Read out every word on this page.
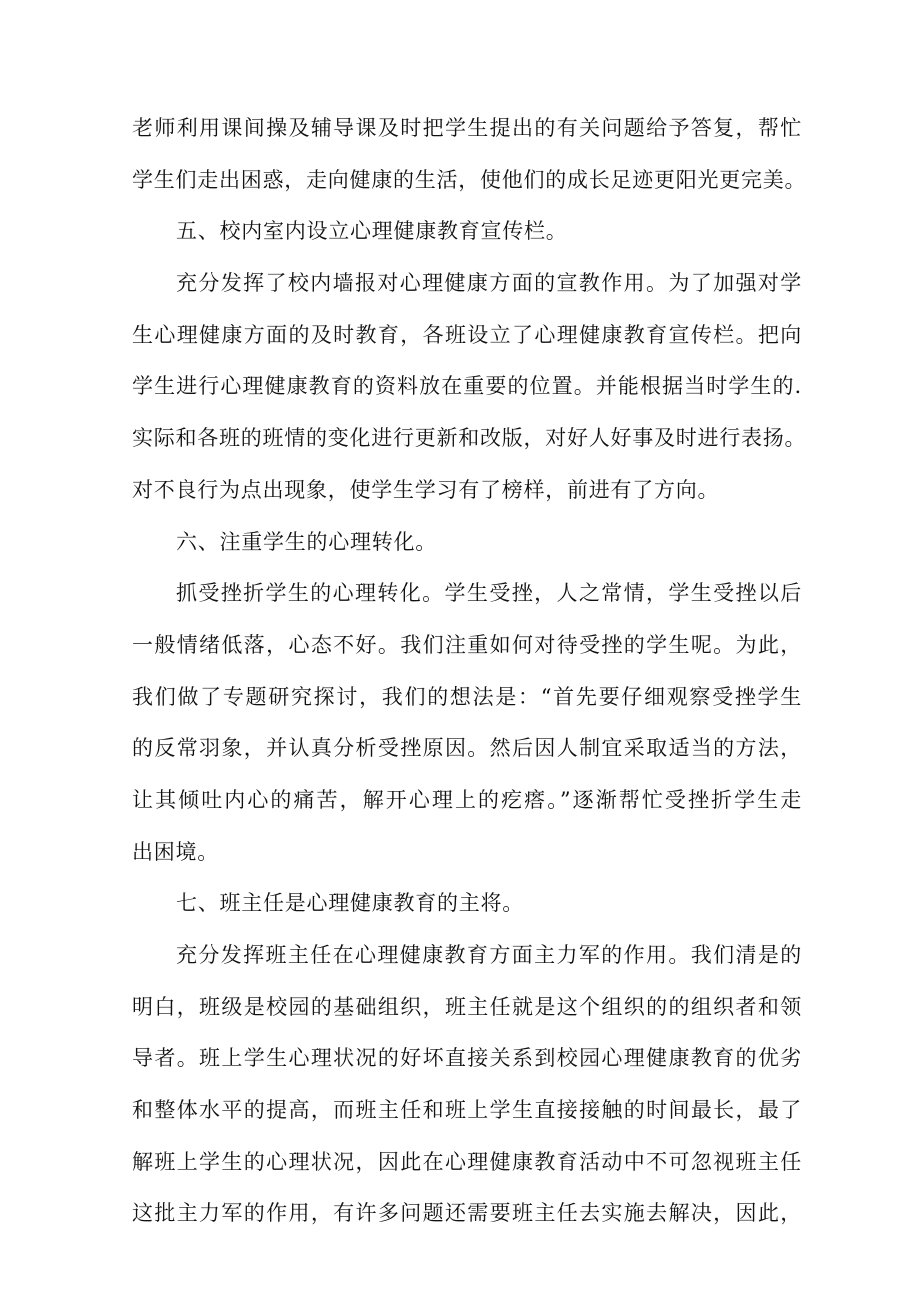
老师利用课间操及辅导课及时把学生提出的有关问题给予答复，帮忙
学生们走出困惑，走向健康的生活，使他们的成长足迹更阳光更完美。
五、校内室内设立心理健康教育宣传栏。
充分发挥了校内墙报对心理健康方面的宣教作用。为了加强对学
生心理健康方面的及时教育，各班设立了心理健康教育宣传栏。把向
学生进行心理健康教育的资料放在重要的位置。并能根据当时学生的.
实际和各班的班情的变化进行更新和改版，对好人好事及时进行表扬。
对不良行为点出现象，使学生学习有了榜样，前进有了方向。
六、注重学生的心理转化。
抓受挫折学生的心理转化。学生受挫，人之常情，学生受挫以后
一般情绪低落，心态不好。我们注重如何对待受挫的学生呢。为此，
我们做了专题研究探讨，我们的想法是：“首先要仔细观察受挫学生
的反常羽象，并认真分析受挫原因。然后因人制宜采取适当的方法，
让其倾吐内心的痛苦，解开心理上的疙瘩。”逐渐帮忙受挫折学生走
出困境。
七、班主任是心理健康教育的主将。
充分发挥班主任在心理健康教育方面主力军的作用。我们清是的
明白，班级是校园的基础组织，班主任就是这个组织的的组织者和领
导者。班上学生心理状况的好坏直接关系到校园心理健康教育的优劣
和整体水平的提高，而班主任和班上学生直接接触的时间最长，最了
解班上学生的心理状况，因此在心理健康教育活动中不可忽视班主任
这批主力军的作用，有许多问题还需要班主任去实施去解决，因此，
